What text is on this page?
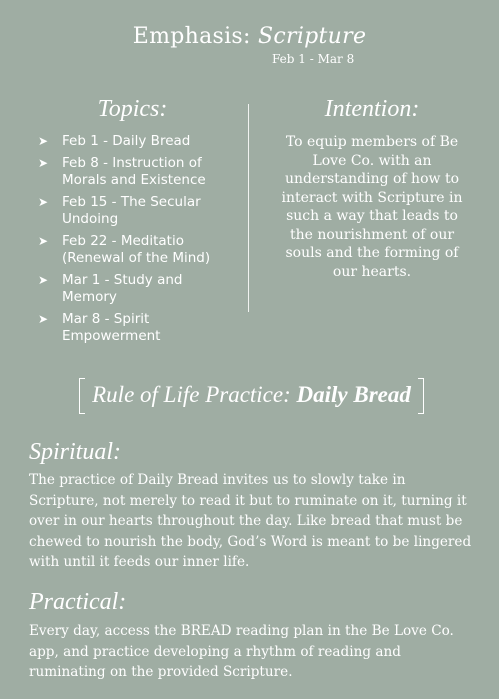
Emphasis: Scripture
Feb 1 - Mar 8
Topics:
➤ Feb 1 - Daily Bread
➤ Feb 8 - Instruction of Morals and Existence
➤ Feb 15 - The Secular Undoing
➤ Feb 22 - Meditatio (Renewal of the Mind)
➤ Mar 1 - Study and Memory
➤ Mar 8 - Spirit Empowerment
Intention:

To equip members of Be Love Co. with an understanding of how to interact with Scripture in such a way that leads to the nourishment of our souls and the forming of our hearts.

Rule of Life Practice: Daily Bread
Spiritual:

The practice of Daily Bread invites us to slowly take in Scripture, not merely to read it but to ruminate on it, turning it over in our hearts throughout the day. Like bread that must be chewed to nourish the body, God’s Word is meant to be lingered with until it feeds our inner life.

Practical:

Every day, access the BREAD reading plan in the Be Love Co. app, and practice developing a rhythm of reading and ruminating on the provided Scripture.
